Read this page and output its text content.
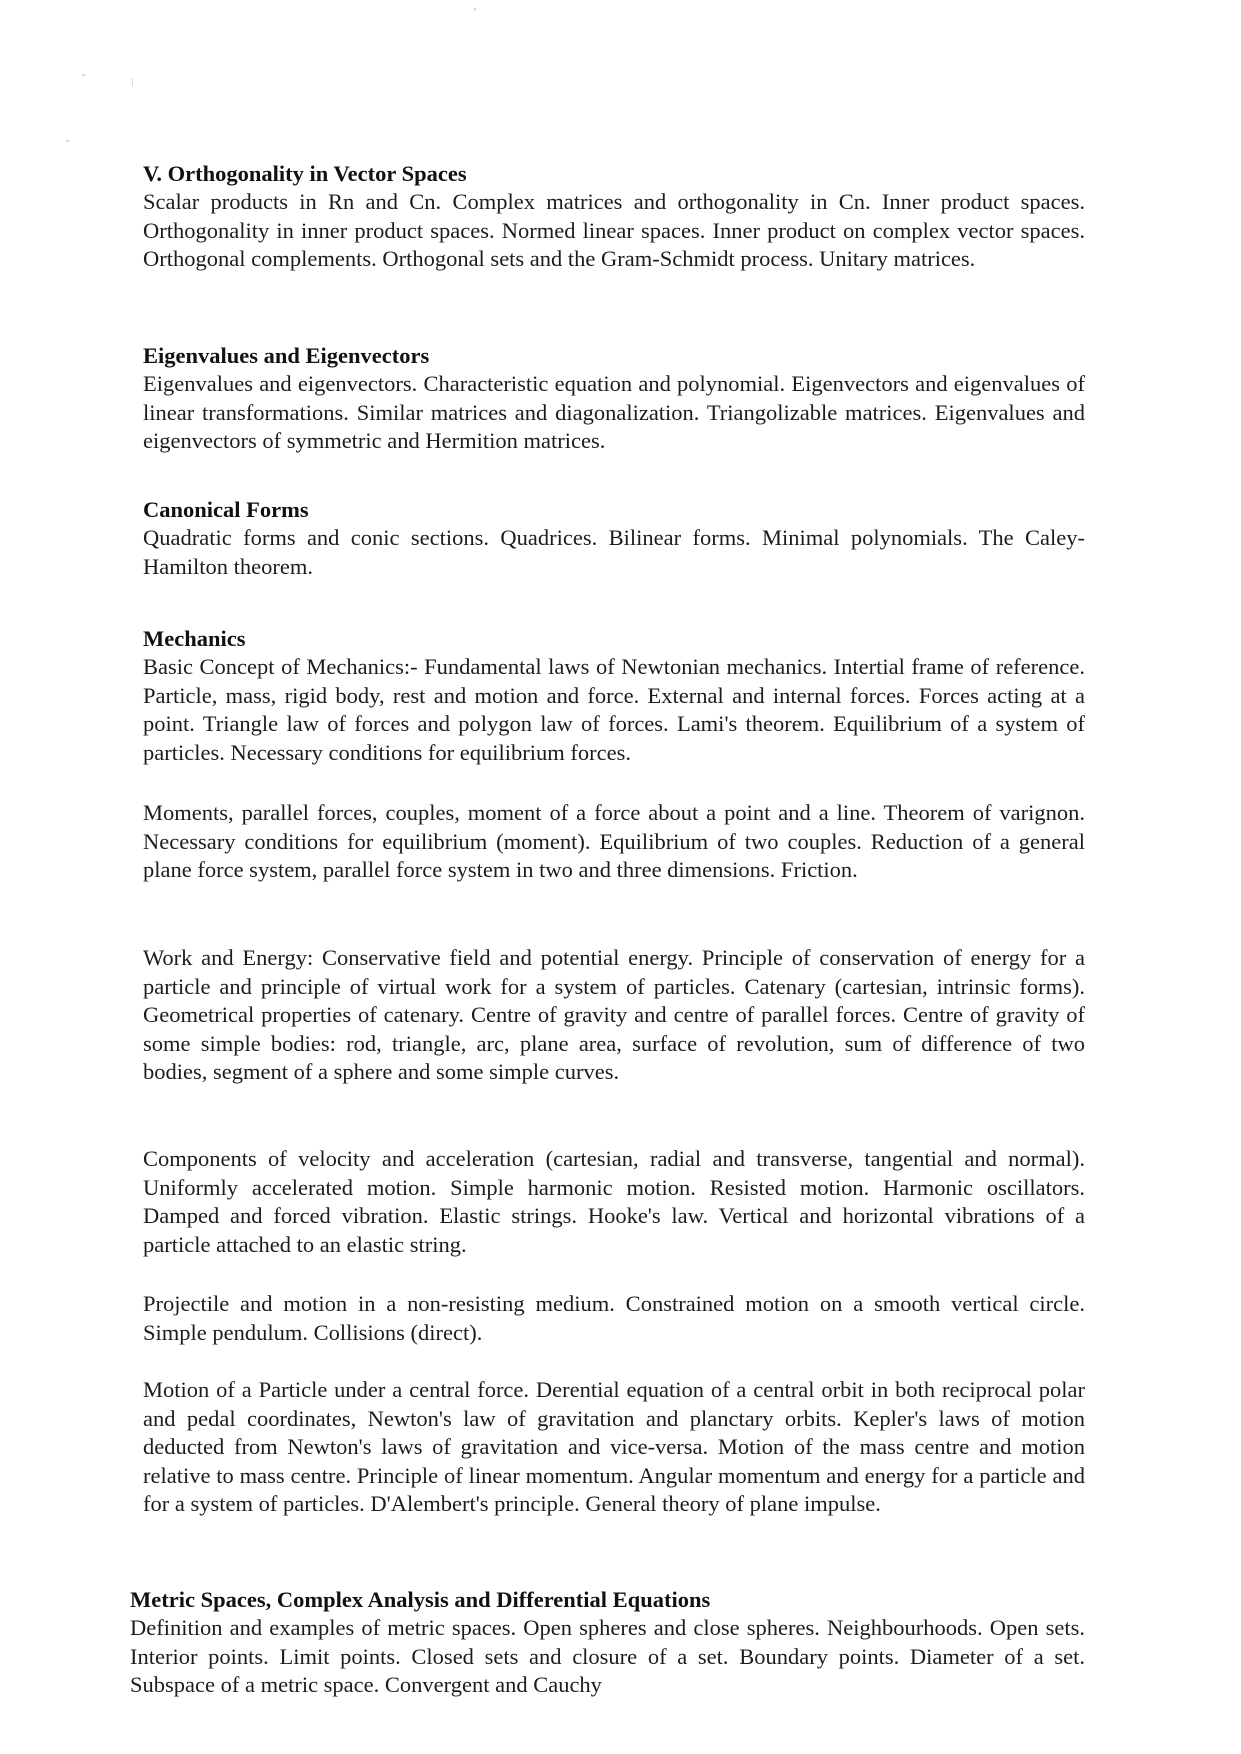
V. Orthogonality in Vector Spaces

Scalar products in Rn and Cn. Complex matrices and orthogonality in Cn. Inner product spaces. Orthogonality in inner product spaces. Normed linear spaces. Inner product on complex vector spaces. Orthogonal complements. Orthogonal sets and the Gram-Schmidt process. Unitary matrices.

Eigenvalues and Eigenvectors

Eigenvalues and eigenvectors. Characteristic equation and polynomial. Eigenvectors and eigenvalues of linear transformations. Similar matrices and diagonalization. Triangolizable matrices. Eigenvalues and eigenvectors of symmetric and Hermition matrices.

Canonical Forms

Quadratic forms and conic sections. Quadrices. Bilinear forms. Minimal polynomials. The Caley-Hamilton theorem.

Mechanics

Basic Concept of Mechanics:- Fundamental laws of Newtonian mechanics. Intertial frame of reference. Particle, mass, rigid body, rest and motion and force. External and internal forces. Forces acting at a point. Triangle law of forces and polygon law of forces. Lami's theorem. Equilibrium of a system of particles. Necessary conditions for equilibrium forces.

Moments, parallel forces, couples, moment of a force about a point and a line. Theorem of varignon. Necessary conditions for equilibrium (moment). Equilibrium of two couples. Reduction of a general plane force system, parallel force system in two and three dimensions. Friction.

Work and Energy: Conservative field and potential energy. Principle of conservation of energy for a particle and principle of virtual work for a system of particles. Catenary (cartesian, intrinsic forms). Geometrical properties of catenary. Centre of gravity and centre of parallel forces. Centre of gravity of some simple bodies: rod, triangle, arc, plane area, surface of revolution, sum of difference of two bodies, segment of a sphere and some simple curves.

Components of velocity and acceleration (cartesian, radial and transverse, tangential and normal). Uniformly accelerated motion. Simple harmonic motion. Resisted motion. Harmonic oscillators. Damped and forced vibration. Elastic strings. Hooke's law. Vertical and horizontal vibrations of a particle attached to an elastic string.

Projectile and motion in a non-resisting medium. Constrained motion on a smooth vertical circle. Simple pendulum. Collisions (direct).

Motion of a Particle under a central force. Derential equation of a central orbit in both reciprocal polar and pedal coordinates, Newton's law of gravitation and planctary orbits. Kepler's laws of motion deducted from Newton's laws of gravitation and vice-versa. Motion of the mass centre and motion relative to mass centre. Principle of linear momentum. Angular momentum and energy for a particle and for a system of particles. D'Alembert's principle. General theory of plane impulse.

Metric Spaces, Complex Analysis and Differential Equations

Definition and examples of metric spaces. Open spheres and close spheres. Neighbourhoods. Open sets. Interior points. Limit points. Closed sets and closure of a set. Boundary points. Diameter of a set. Subspace of a metric space. Convergent and Cauchy
